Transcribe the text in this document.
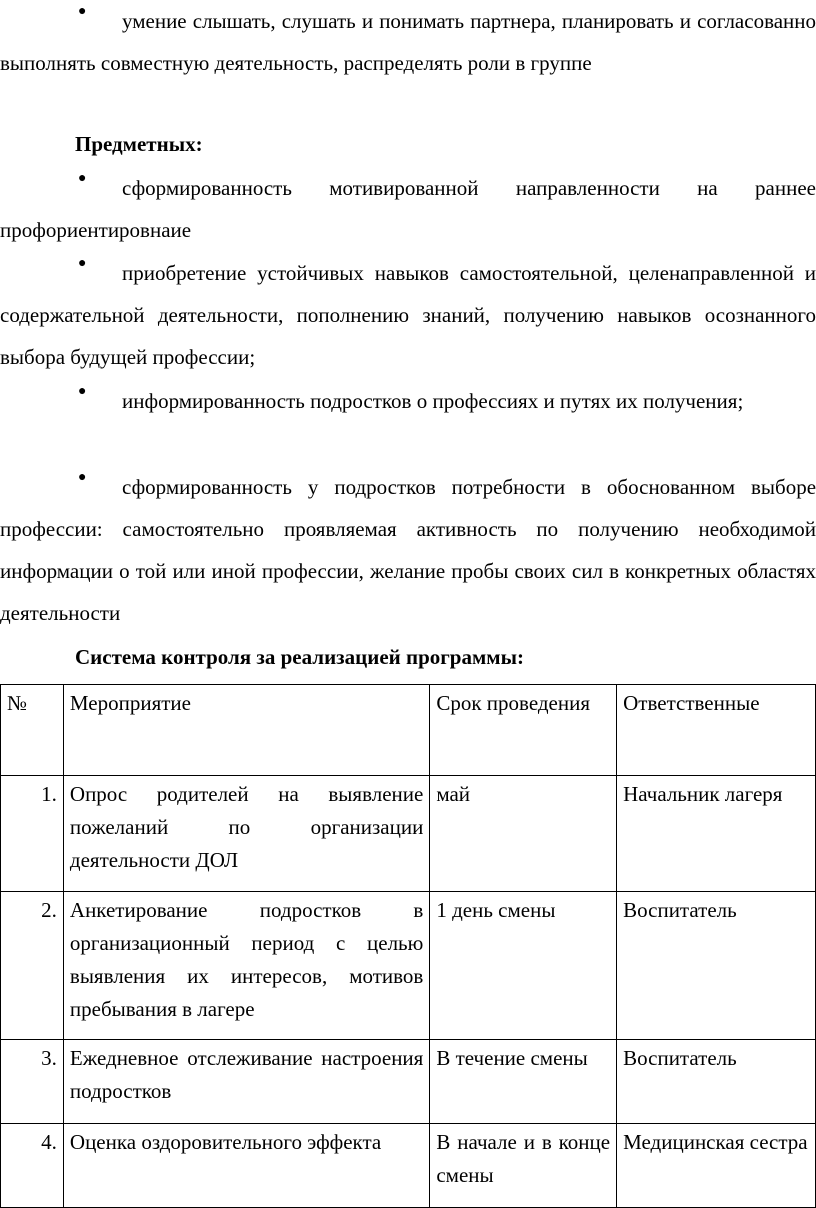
●	умение слышать, слушать и понимать партнера, планировать и согласованно выполнять совместную деятельность, распределять роли в группе
Предметных:
●	сформированность мотивированной направленности на раннее профориентировнаие
●	приобретение устойчивых навыков самостоятельной, целенаправленной и содержательной деятельности, пополнению знаний, получению навыков осознанного выбора будущей профессии;
●	информированность подростков о профессиях и путях их получения;
●	сформированность у подростков потребности в обоснованном выборе профессии: самостоятельно проявляемая активность по получению необходимой информации о той или иной профессии, желание пробы своих сил в конкретных областях деятельности
Система контроля за реализацией программы:
№	Мероприятие	Срок проведения	Ответственные
1.	Опрос родителей на выявление пожеланий по организации деятельности ДОЛ	май	Начальник лагеря
2.	Анкетирование подростков в организационный период с целью выявления их интересов, мотивов пребывания в лагере	1 день смены	Воспитатель
3.	Ежедневное отслеживание настроения подростков	В течение смены	Воспитатель
4.	Оценка оздоровительного эффекта	В начале и в конце смены	Медицинская сестра
